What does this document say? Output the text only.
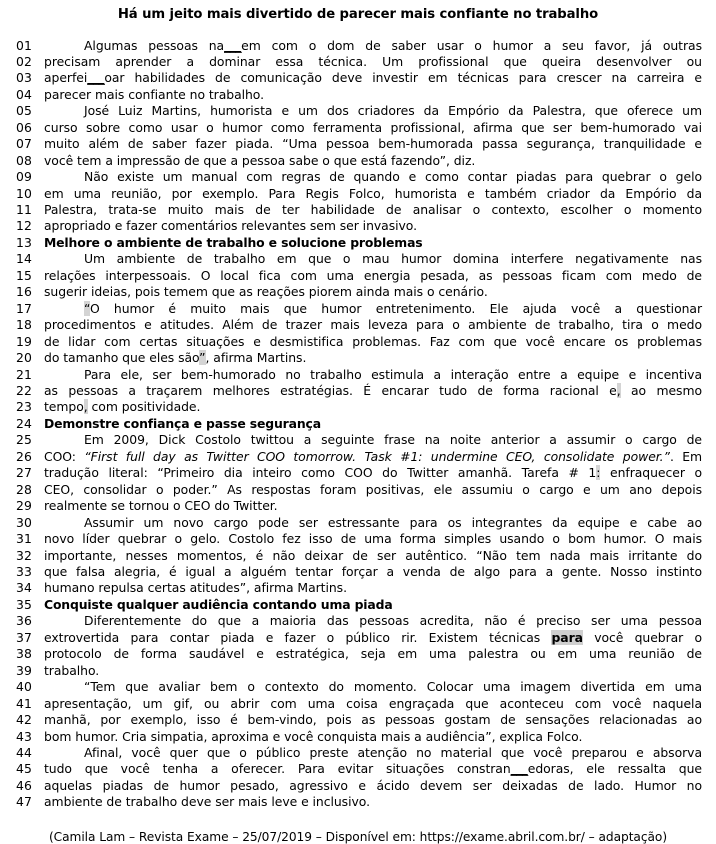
Há um jeito mais divertido de parecer mais confiante no trabalho
01	Algumas pessoas na___em com o dom de saber usar o humor a seu favor, já outras
02 precisam aprender a dominar essa técnica. Um profissional que queira desenvolver ou
03 aperfei___oar habilidades de comunicação deve investir em técnicas para crescer na carreira e
04 parecer mais confiante no trabalho.
05	José Luiz Martins, humorista e um dos criadores da Empório da Palestra, que oferece um
06 curso sobre como usar o humor como ferramenta profissional, afirma que ser bem-humorado vai
07 muito além de saber fazer piada. “Uma pessoa bem-humorada passa segurança, tranquilidade e
08 você tem a impressão de que a pessoa sabe o que está fazendo”, diz.
09	Não existe um manual com regras de quando e como contar piadas para quebrar o gelo
10 em uma reunião, por exemplo. Para Regis Folco, humorista e também criador da Empório da
11 Palestra, trata-se muito mais de ter habilidade de analisar o contexto, escolher o momento
12 apropriado e fazer comentários relevantes sem ser invasivo.
13 Melhore o ambiente de trabalho e solucione problemas
14	Um ambiente de trabalho em que o mau humor domina interfere negativamente nas
15 relações interpessoais. O local fica com uma energia pesada, as pessoas ficam com medo de
16 sugerir ideias, pois temem que as reações piorem ainda mais o cenário.
17	“O humor é muito mais que humor entretenimento. Ele ajuda você a questionar
18 procedimentos e atitudes. Além de trazer mais leveza para o ambiente de trabalho, tira o medo
19 de lidar com certas situações e desmistifica problemas. Faz com que você encare os problemas
20 do tamanho que eles são”, afirma Martins.
21	Para ele, ser bem-humorado no trabalho estimula a interação entre a equipe e incentiva
22 as pessoas a traçarem melhores estratégias. É encarar tudo de forma racional e, ao mesmo
23 tempo, com positividade.
24 Demonstre confiança e passe segurança
25	Em 2009, Dick Costolo twittou a seguinte frase na noite anterior a assumir o cargo de
26 COO: “First full day as Twitter COO tomorrow. Task #1: undermine CEO, consolidate power.”. Em
27 tradução literal: “Primeiro dia inteiro como COO do Twitter amanhã. Tarefa # 1: enfraquecer o
28 CEO, consolidar o poder.” As respostas foram positivas, ele assumiu o cargo e um ano depois
29 realmente se tornou o CEO do Twitter.
30	Assumir um novo cargo pode ser estressante para os integrantes da equipe e cabe ao
31 novo líder quebrar o gelo. Costolo fez isso de uma forma simples usando o bom humor. O mais
32 importante, nesses momentos, é não deixar de ser autêntico. “Não tem nada mais irritante do
33 que falsa alegria, é igual a alguém tentar forçar a venda de algo para a gente. Nosso instinto
34 humano repulsa certas atitudes”, afirma Martins.
35 Conquiste qualquer audiência contando uma piada
36	Diferentemente do que a maioria das pessoas acredita, não é preciso ser uma pessoa
37 extrovertida para contar piada e fazer o público rir. Existem técnicas para você quebrar o
38 protocolo de forma saudável e estratégica, seja em uma palestra ou em uma reunião de
39 trabalho.
40	“Tem que avaliar bem o contexto do momento. Colocar uma imagem divertida em uma
41 apresentação, um gif, ou abrir com uma coisa engraçada que aconteceu com você naquela
42 manhã, por exemplo, isso é bem-vindo, pois as pessoas gostam de sensações relacionadas ao
43 bom humor. Cria simpatia, aproxima e você conquista mais a audiência”, explica Folco.
44	Afinal, você quer que o público preste atenção no material que você preparou e absorva
45 tudo que você tenha a oferecer. Para evitar situações constran___edoras, ele ressalta que
46 aquelas piadas de humor pesado, agressivo e ácido devem ser deixadas de lado. Humor no
47 ambiente de trabalho deve ser mais leve e inclusivo.
(Camila Lam – Revista Exame – 25/07/2019 – Disponível em: https://exame.abril.com.br/ – adaptação)
